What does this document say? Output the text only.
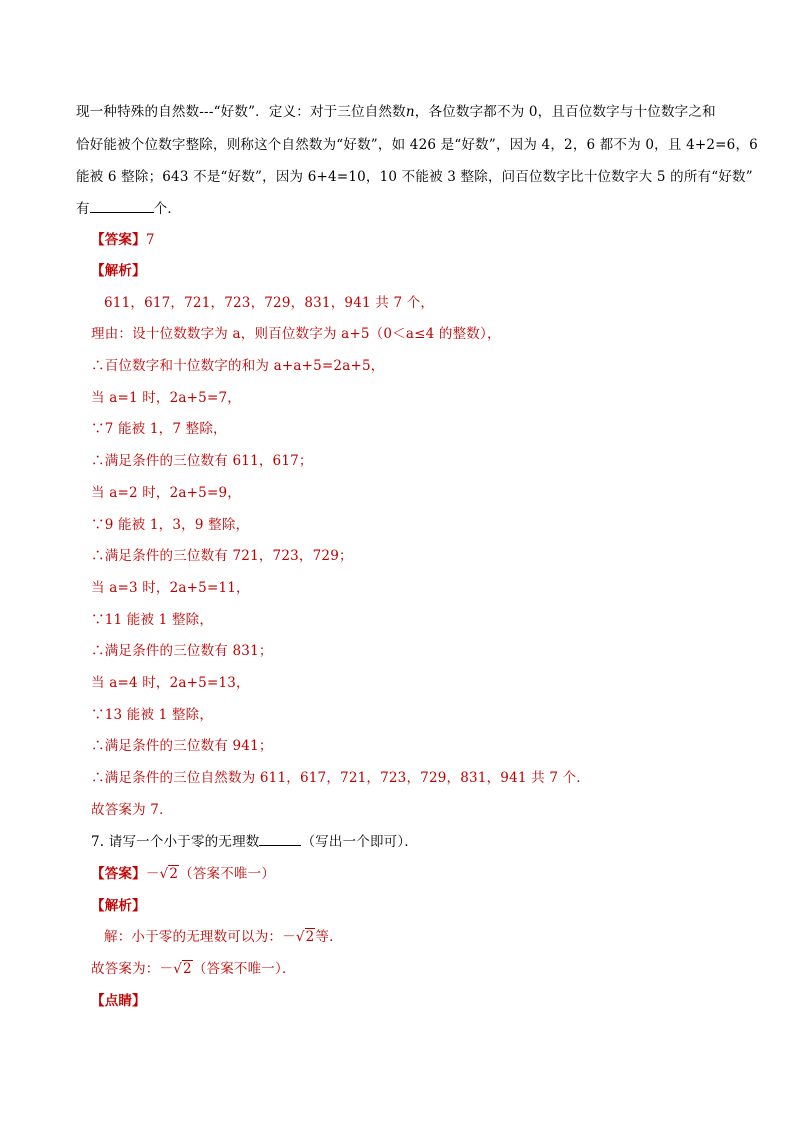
现一种特殊的自然数---“好数”．定义：对于三位自然数n，各位数字都不为 0，且百位数字与十位数字之和
恰好能被个位数字整除，则称这个自然数为“好数”，如 426 是“好数”，因为 4，2，6 都不为 0，且 4+2=6，6
能被 6 整除；643 不是“好数”，因为 6+4=10，10 不能被 3 整除，问百位数字比十位数字大 5 的所有“好数”
有	个．
【答案】7
【解析】
611，617，721，723，729，831，941 共 7 个，
理由：设十位数数字为 a，则百位数字为 a+5（0＜a≤4 的整数），
∴百位数字和十位数字的和为 a+a+5=2a+5，
当 a=1 时，2a+5=7，
∵7 能被 1，7 整除，
∴满足条件的三位数有 611，617；
当 a=2 时，2a+5=9，
∵9 能被 1，3，9 整除，
∴满足条件的三位数有 721，723，729；
当 a=3 时，2a+5=11，
∵11 能被 1 整除，
∴满足条件的三位数有 831；
当 a=4 时，2a+5=13，
∵13 能被 1 整除，
∴满足条件的三位数有 941；
∴满足条件的三位自然数为 611，617，721，723，729，831，941 共 7 个．
故答案为 7．
7. 请写一个小于零的无理数	（写出一个即可）．
【答案】－√2（答案不唯一）
【解析】
解：小于零的无理数可以为：－√2等．
故答案为：－√2（答案不唯一）．
【点睛】
